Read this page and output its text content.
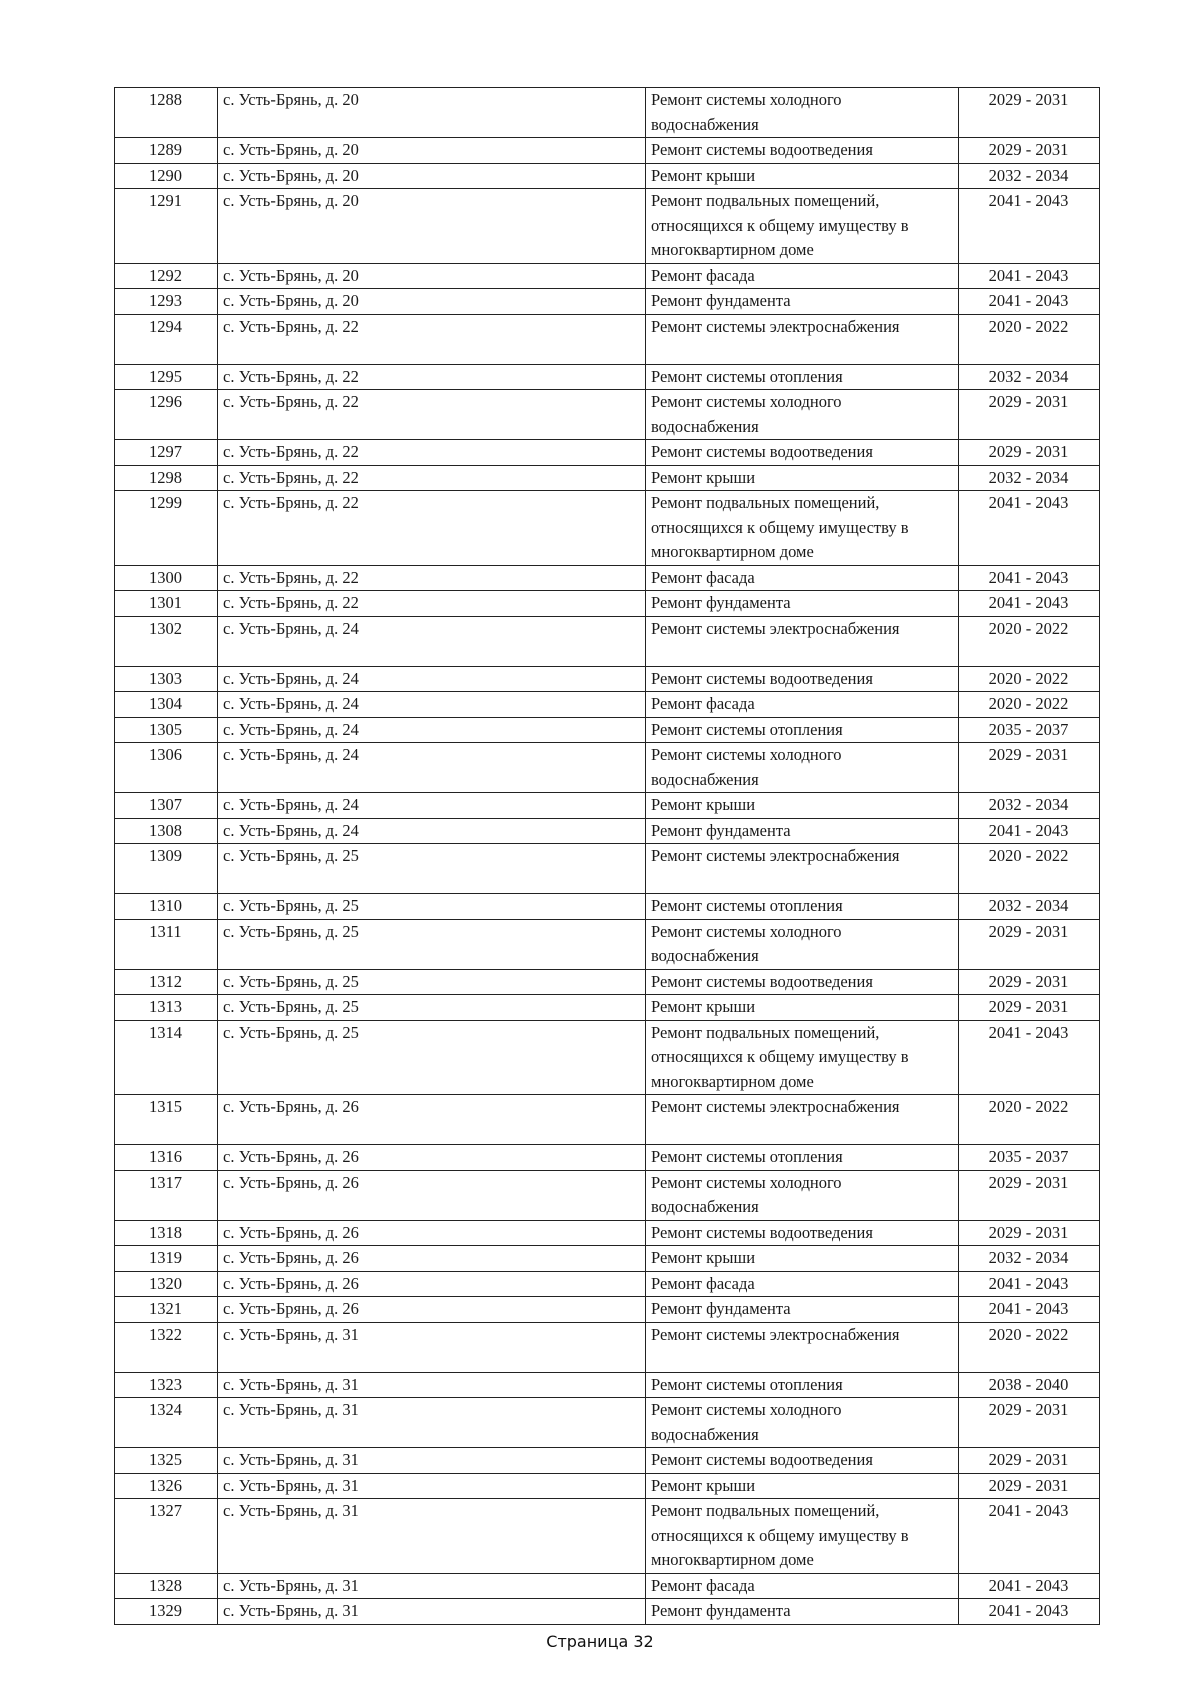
1288	с. Усть-Брянь, д. 20	Ремонт системы холодного водоснабжения	2029 - 2031
1289	с. Усть-Брянь, д. 20	Ремонт системы водоотведения	2029 - 2031
1290	с. Усть-Брянь, д. 20	Ремонт крыши	2032 - 2034
1291	с. Усть-Брянь, д. 20	Ремонт подвальных помещений, относящихся к общему имуществу в многоквартирном доме	2041 - 2043
1292	с. Усть-Брянь, д. 20	Ремонт фасада	2041 - 2043
1293	с. Усть-Брянь, д. 20	Ремонт фундамента	2041 - 2043
1294	с. Усть-Брянь, д. 22	Ремонт системы электроснабжения	2020 - 2022
1295	с. Усть-Брянь, д. 22	Ремонт системы отопления	2032 - 2034
1296	с. Усть-Брянь, д. 22	Ремонт системы холодного водоснабжения	2029 - 2031
1297	с. Усть-Брянь, д. 22	Ремонт системы водоотведения	2029 - 2031
1298	с. Усть-Брянь, д. 22	Ремонт крыши	2032 - 2034
1299	с. Усть-Брянь, д. 22	Ремонт подвальных помещений, относящихся к общему имуществу в многоквартирном доме	2041 - 2043
1300	с. Усть-Брянь, д. 22	Ремонт фасада	2041 - 2043
1301	с. Усть-Брянь, д. 22	Ремонт фундамента	2041 - 2043
1302	с. Усть-Брянь, д. 24	Ремонт системы электроснабжения	2020 - 2022
1303	с. Усть-Брянь, д. 24	Ремонт системы водоотведения	2020 - 2022
1304	с. Усть-Брянь, д. 24	Ремонт фасада	2020 - 2022
1305	с. Усть-Брянь, д. 24	Ремонт системы отопления	2035 - 2037
1306	с. Усть-Брянь, д. 24	Ремонт системы холодного водоснабжения	2029 - 2031
1307	с. Усть-Брянь, д. 24	Ремонт крыши	2032 - 2034
1308	с. Усть-Брянь, д. 24	Ремонт фундамента	2041 - 2043
1309	с. Усть-Брянь, д. 25	Ремонт системы электроснабжения	2020 - 2022
1310	с. Усть-Брянь, д. 25	Ремонт системы отопления	2032 - 2034
1311	с. Усть-Брянь, д. 25	Ремонт системы холодного водоснабжения	2029 - 2031
1312	с. Усть-Брянь, д. 25	Ремонт системы водоотведения	2029 - 2031
1313	с. Усть-Брянь, д. 25	Ремонт крыши	2029 - 2031
1314	с. Усть-Брянь, д. 25	Ремонт подвальных помещений, относящихся к общему имуществу в многоквартирном доме	2041 - 2043
1315	с. Усть-Брянь, д. 26	Ремонт системы электроснабжения	2020 - 2022
1316	с. Усть-Брянь, д. 26	Ремонт системы отопления	2035 - 2037
1317	с. Усть-Брянь, д. 26	Ремонт системы холодного водоснабжения	2029 - 2031
1318	с. Усть-Брянь, д. 26	Ремонт системы водоотведения	2029 - 2031
1319	с. Усть-Брянь, д. 26	Ремонт крыши	2032 - 2034
1320	с. Усть-Брянь, д. 26	Ремонт фасада	2041 - 2043
1321	с. Усть-Брянь, д. 26	Ремонт фундамента	2041 - 2043
1322	с. Усть-Брянь, д. 31	Ремонт системы электроснабжения	2020 - 2022
1323	с. Усть-Брянь, д. 31	Ремонт системы отопления	2038 - 2040
1324	с. Усть-Брянь, д. 31	Ремонт системы холодного водоснабжения	2029 - 2031
1325	с. Усть-Брянь, д. 31	Ремонт системы водоотведения	2029 - 2031
1326	с. Усть-Брянь, д. 31	Ремонт крыши	2029 - 2031
1327	с. Усть-Брянь, д. 31	Ремонт подвальных помещений, относящихся к общему имуществу в многоквартирном доме	2041 - 2043
1328	с. Усть-Брянь, д. 31	Ремонт фасада	2041 - 2043
1329	с. Усть-Брянь, д. 31	Ремонт фундамента	2041 - 2043
Страница 32
